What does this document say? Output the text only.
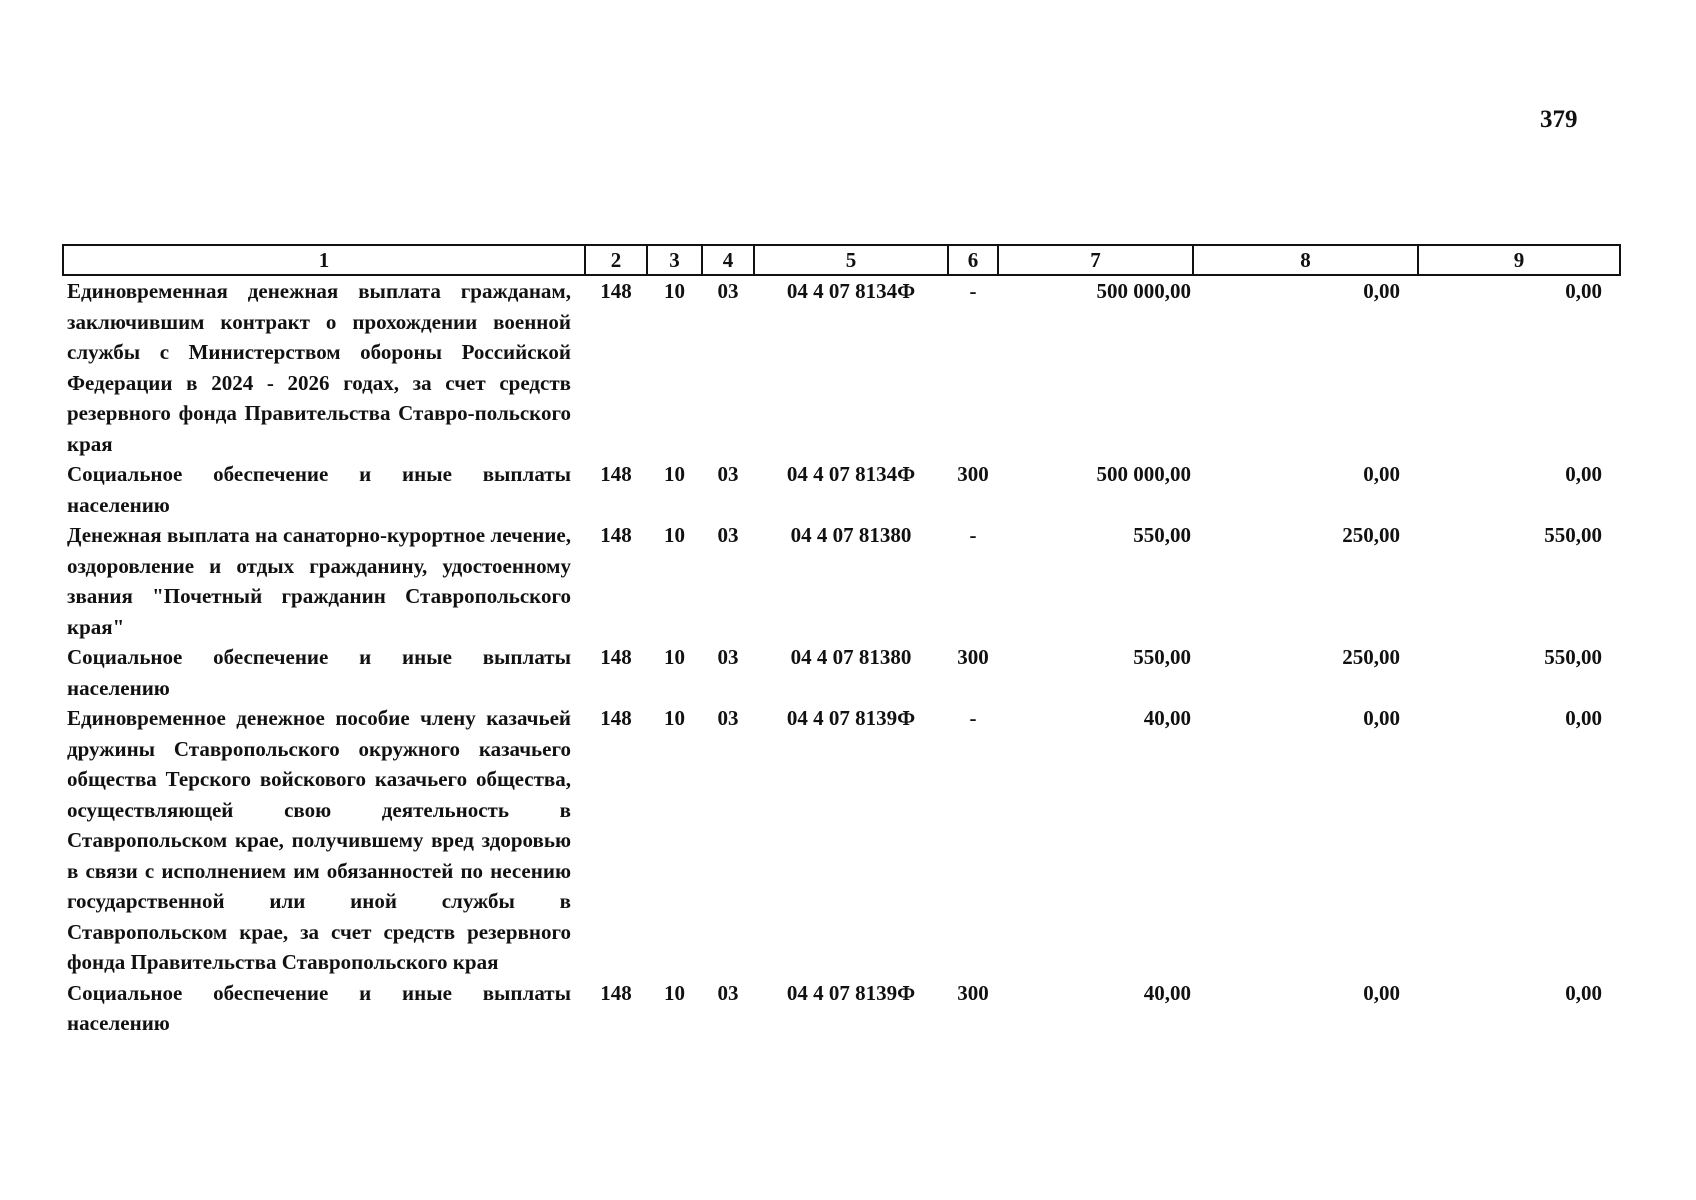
379
1	2	3	4	5	6	7	8	9
Единовременная денежная выплата гражданам, заключившим контракт о прохождении военной службы с Министерством обороны Российской Федерации в 2024 - 2026 годах, за счет средств резервного фонда Правительства Ставро-польского края	148	10	03	04 4 07 8134Ф	-	500 000,00	0,00	0,00
Социальное обеспечение и иные выплаты населению	148	10	03	04 4 07 8134Ф	300	500 000,00	0,00	0,00
Денежная выплата на санаторно-курортное лечение, оздоровление и отдых гражданину, удостоенному звания "Почетный гражданин Ставропольского края"	148	10	03	04 4 07 81380	-	550,00	250,00	550,00
Социальное обеспечение и иные выплаты населению	148	10	03	04 4 07 81380	300	550,00	250,00	550,00
Единовременное денежное пособие члену казачьей дружины Ставропольского окружного казачьего общества Терского войскового казачьего общества, осуществляющей свою деятельность в Ставропольском крае, получившему вред здоровью в связи с исполнением им обязанностей по несению государственной или иной службы в Ставропольском крае, за счет средств резервного фонда Правительства Ставропольского края	148	10	03	04 4 07 8139Ф	-	40,00	0,00	0,00
Социальное обеспечение и иные выплаты населению	148	10	03	04 4 07 8139Ф	300	40,00	0,00	0,00
